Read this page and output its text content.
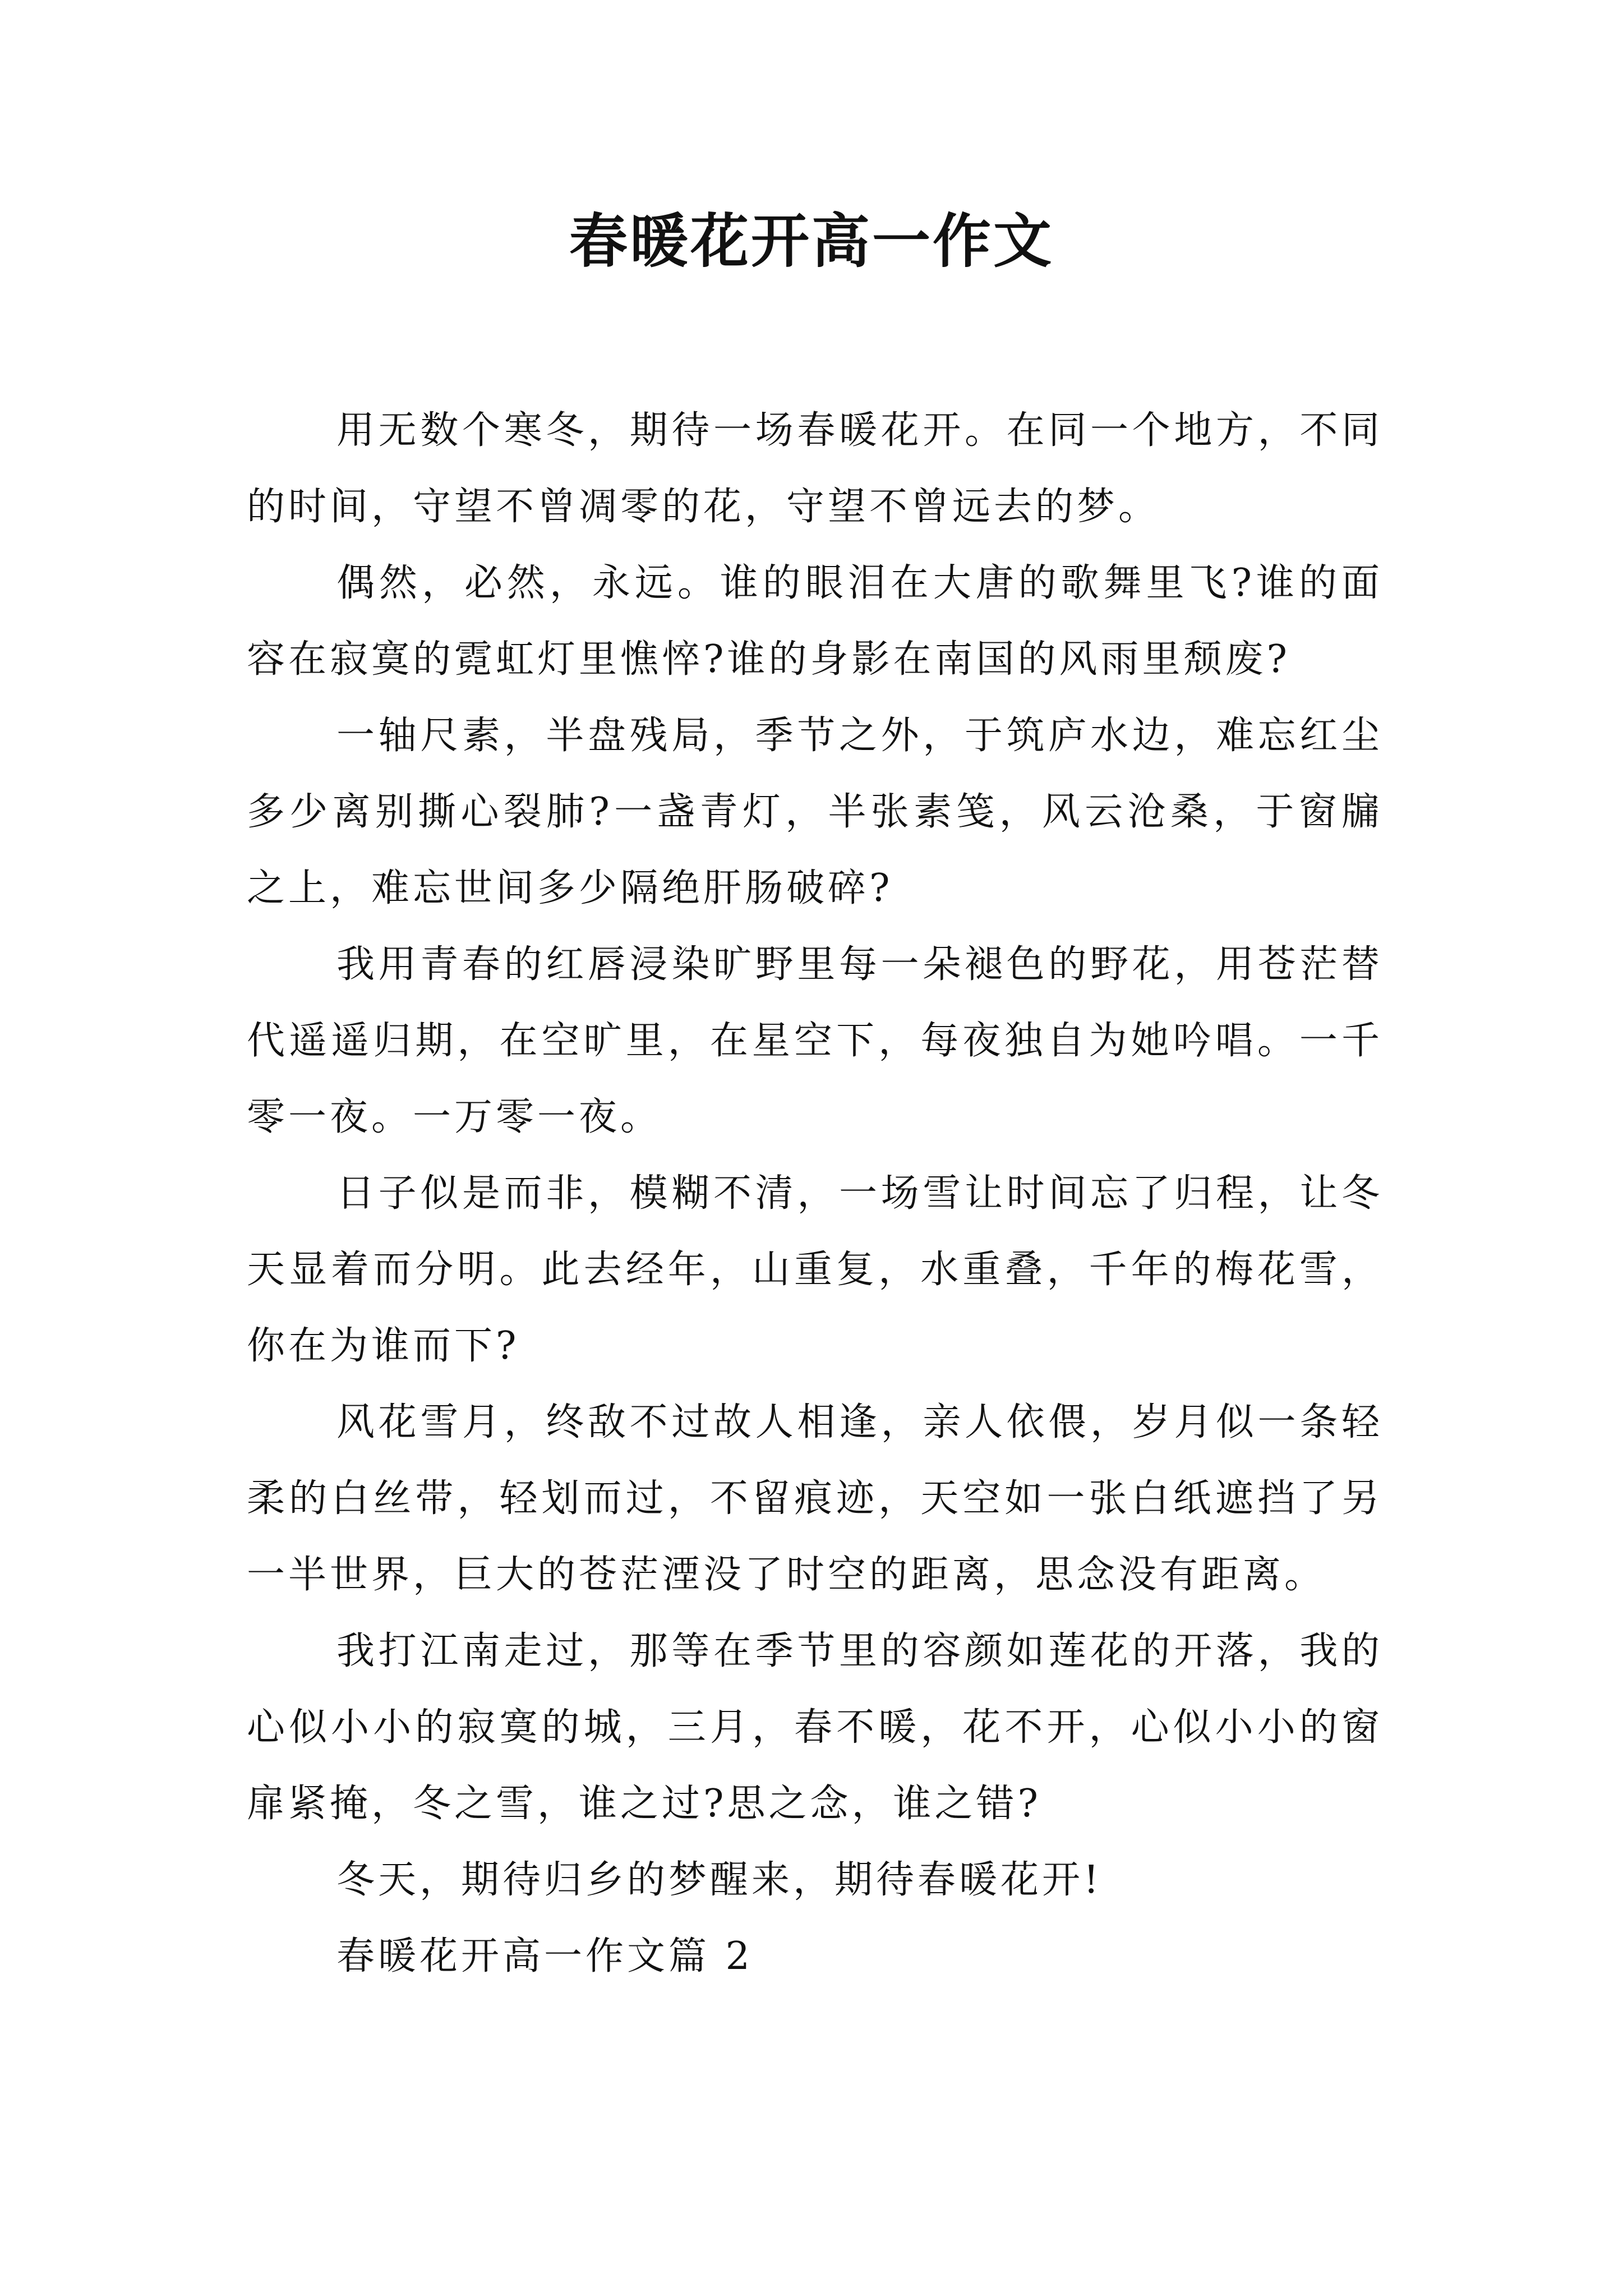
春暖花开高一作文

用无数个寒冬，期待一场春暖花开。在同一个地方，不同的时间，守望不曾凋零的花，守望不曾远去的梦。

偶然，必然，永远。谁的眼泪在大唐的歌舞里飞?谁的面容在寂寞的霓虹灯里憔悴?谁的身影在南国的风雨里颓废?

一轴尺素，半盘残局，季节之外，于筑庐水边，难忘红尘多少离别撕心裂肺?一盏青灯，半张素笺，风云沧桑，于窗牖之上，难忘世间多少隔绝肝肠破碎?

我用青春的红唇浸染旷野里每一朵褪色的野花，用苍茫替代遥遥归期，在空旷里，在星空下，每夜独自为她吟唱。一千零一夜。一万零一夜。

日子似是而非，模糊不清，一场雪让时间忘了归程，让冬天显着而分明。此去经年，山重复，水重叠，千年的梅花雪，你在为谁而下?

风花雪月，终敌不过故人相逢，亲人依偎，岁月似一条轻柔的白丝带，轻划而过，不留痕迹，天空如一张白纸遮挡了另一半世界，巨大的苍茫湮没了时空的距离，思念没有距离。

我打江南走过，那等在季节里的容颜如莲花的开落，我的心似小小的寂寞的城，三月，春不暖，花不开，心似小小的窗扉紧掩，冬之雪，谁之过?思之念，谁之错?

冬天，期待归乡的梦醒来，期待春暖花开!

春暖花开高一作文篇 2
